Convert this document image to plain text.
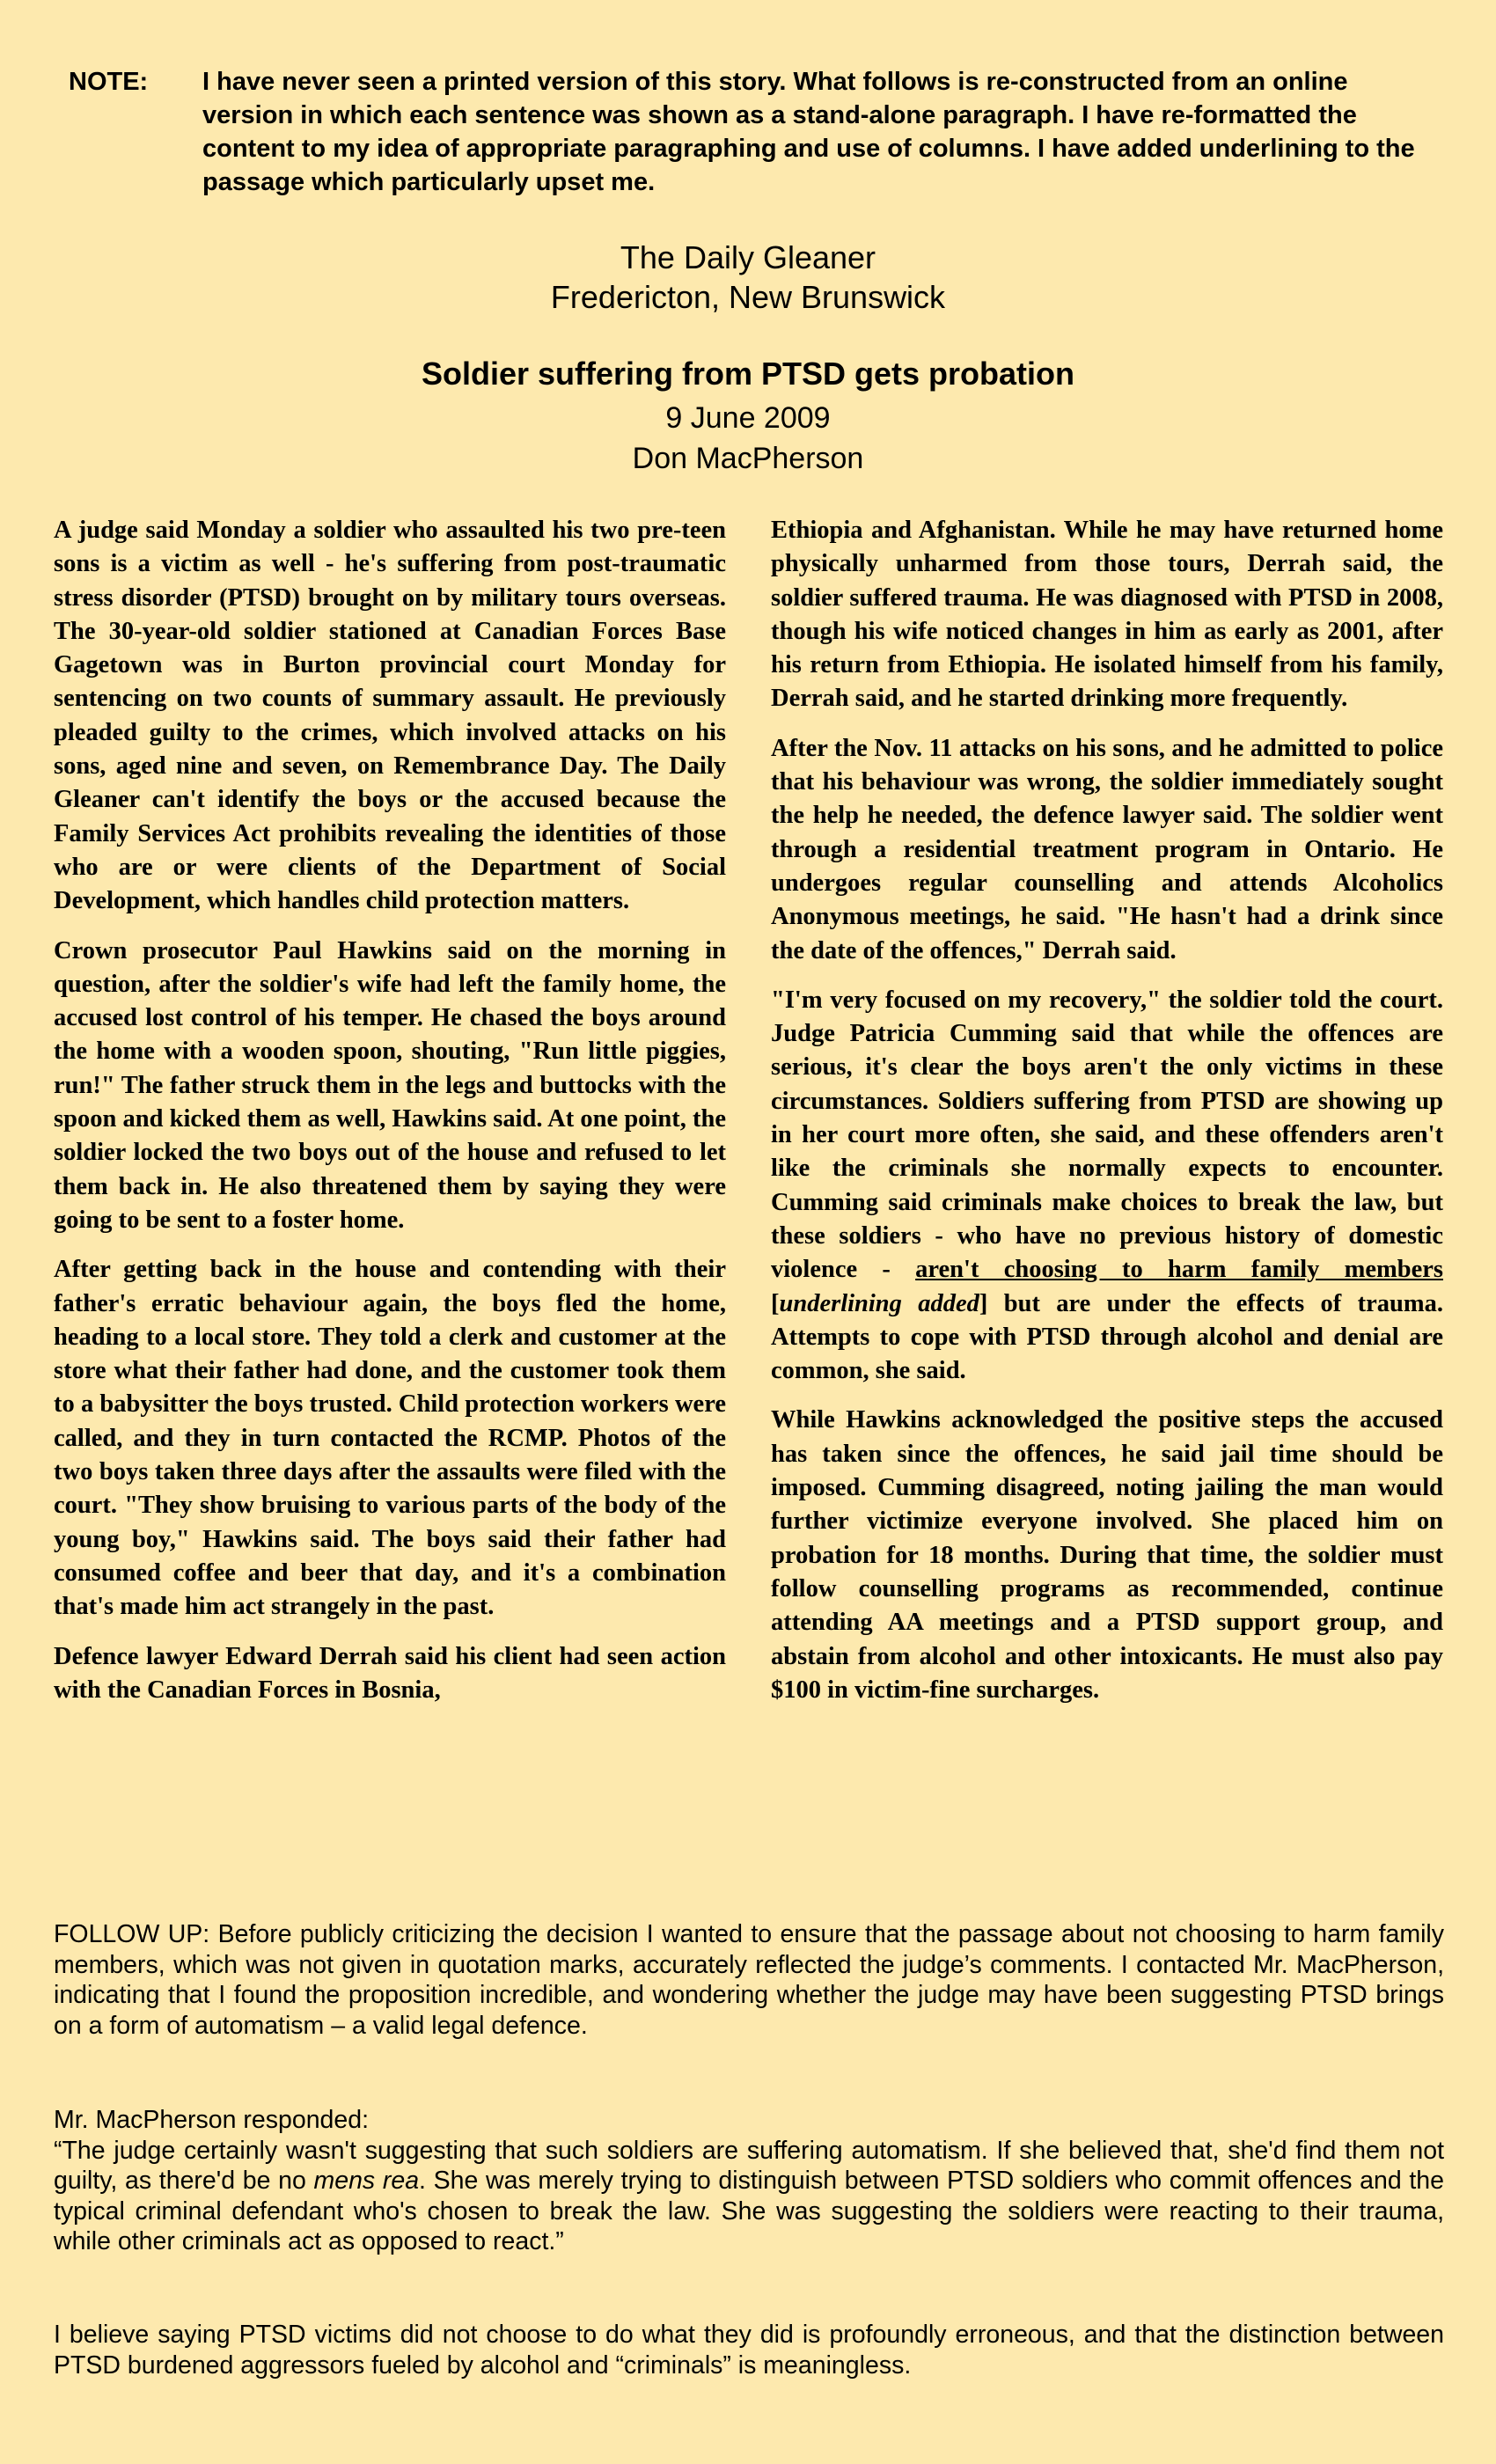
NOTE: I have never seen a printed version of this story. What follows is re-constructed from an online version in which each sentence was shown as a stand-alone paragraph. I have re-formatted the content to my idea of appropriate paragraphing and use of columns. I have added underlining to the passage which particularly upset me.
The Daily Gleaner
Fredericton, New Brunswick
Soldier suffering from PTSD gets probation
9 June 2009
Don MacPherson

A judge said Monday a soldier who assaulted his two pre-teen sons is a victim as well - he's suffering from post-traumatic stress disorder (PTSD) brought on by military tours overseas. The 30-year-old soldier stationed at Canadian Forces Base Gagetown was in Burton provincial court Monday for sentencing on two counts of summary assault. He previously pleaded guilty to the crimes, which involved attacks on his sons, aged nine and seven, on Remembrance Day. The Daily Gleaner can't identify the boys or the accused because the Family Services Act prohibits revealing the identities of those who are or were clients of the Department of Social Development, which handles child protection matters.

Crown prosecutor Paul Hawkins said on the morning in question, after the soldier's wife had left the family home, the accused lost control of his temper. He chased the boys around the home with a wooden spoon, shouting, "Run little piggies, run!" The father struck them in the legs and buttocks with the spoon and kicked them as well, Hawkins said. At one point, the soldier locked the two boys out of the house and refused to let them back in. He also threatened them by saying they were going to be sent to a foster home.

After getting back in the house and contending with their father's erratic behaviour again, the boys fled the home, heading to a local store. They told a clerk and customer at the store what their father had done, and the customer took them to a babysitter the boys trusted. Child protection workers were called, and they in turn contacted the RCMP. Photos of the two boys taken three days after the assaults were filed with the court. "They show bruising to various parts of the body of the young boy," Hawkins said. The boys said their father had consumed coffee and beer that day, and it's a combination that's made him act strangely in the past.

Defence lawyer Edward Derrah said his client had seen action with the Canadian Forces in Bosnia,

Ethiopia and Afghanistan. While he may have returned home physically unharmed from those tours, Derrah said, the soldier suffered trauma. He was diagnosed with PTSD in 2008, though his wife noticed changes in him as early as 2001, after his return from Ethiopia. He isolated himself from his family, Derrah said, and he started drinking more frequently.

After the Nov. 11 attacks on his sons, and he admitted to police that his behaviour was wrong, the soldier immediately sought the help he needed, the defence lawyer said. The soldier went through a residential treatment program in Ontario. He undergoes regular counselling and attends Alcoholics Anonymous meetings, he said. "He hasn't had a drink since the date of the offences," Derrah said.

"I'm very focused on my recovery," the soldier told the court. Judge Patricia Cumming said that while the offences are serious, it's clear the boys aren't the only victims in these circumstances. Soldiers suffering from PTSD are showing up in her court more often, she said, and these offenders aren't like the criminals she normally expects to encounter. Cumming said criminals make choices to break the law, but these soldiers - who have no previous history of domestic violence - aren't choosing to harm family members [underlining added] but are under the effects of trauma. Attempts to cope with PTSD through alcohol and denial are common, she said.

While Hawkins acknowledged the positive steps the accused has taken since the offences, he said jail time should be imposed. Cumming disagreed, noting jailing the man would further victimize everyone involved. She placed him on probation for 18 months. During that time, the soldier must follow counselling programs as recommended, continue attending AA meetings and a PTSD support group, and abstain from alcohol and other intoxicants. He must also pay $100 in victim-fine surcharges.

FOLLOW UP: Before publicly criticizing the decision I wanted to ensure that the passage about not choosing to harm family members, which was not given in quotation marks, accurately reflected the judge’s comments. I contacted Mr. MacPherson, indicating that I found the proposition incredible, and wondering whether the judge may have been suggesting PTSD brings on a form of automatism – a valid legal defence.
Mr. MacPherson responded:
“The judge certainly wasn't suggesting that such soldiers are suffering automatism. If she believed that, she'd find them not guilty, as there'd be no mens rea. She was merely trying to distinguish between PTSD soldiers who commit offences and the typical criminal defendant who's chosen to break the law. She was suggesting the soldiers were reacting to their trauma, while other criminals act as opposed to react.”
I believe saying PTSD victims did not choose to do what they did is profoundly erroneous, and that the distinction between PTSD burdened aggressors fueled by alcohol and “criminals” is meaningless.
